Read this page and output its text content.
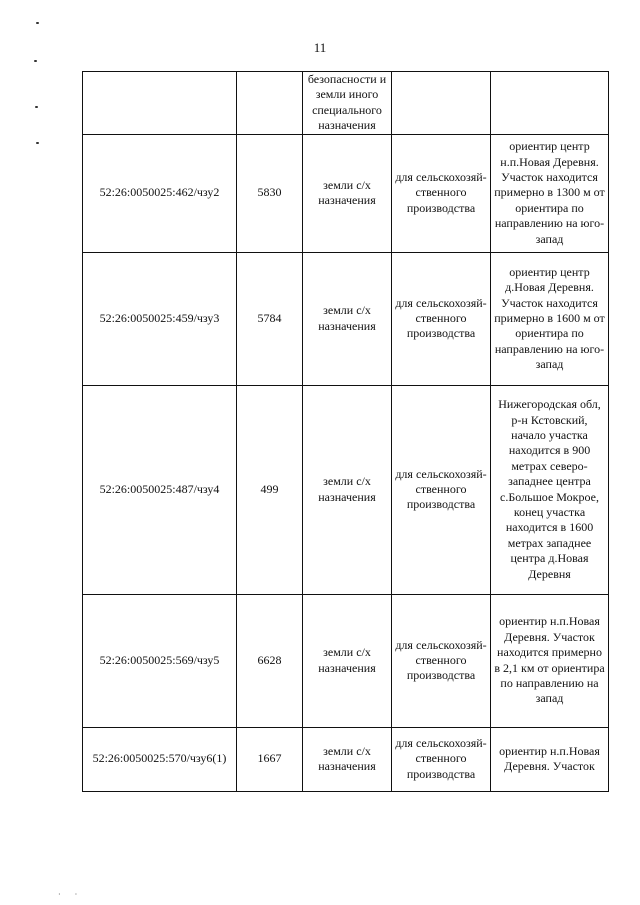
11
		безопасности и земли иного специального назначения		
52:26:0050025:462/чзу2	5830	земли с/х назначения	для сельскохозяй-ственного производства	ориентир центр н.п.Новая Деревня. Участок находится примерно в 1300 м от ориентира по направлению на юго-запад
52:26:0050025:459/чзу3	5784	земли с/х назначения	для сельскохозяй-ственного производства	ориентир центр д.Новая Деревня. Участок находится примерно в 1600 м от ориентира по направлению на юго-запад
52:26:0050025:487/чзу4	499	земли с/х назначения	для сельскохозяй-ственного производства	Нижегородская обл, р-н Кстовский, начало участка находится в 900 метрах северо-западнее центра с.Большое Мокрое, конец участка находится в 1600 метрах западнее центра д.Новая Деревня
52:26:0050025:569/чзу5	6628	земли с/х назначения	для сельскохозяй-ственного производства	ориентир н.п.Новая Деревня. Участок находится примерно в 2,1 км от ориентира по направлению на запад
52:26:0050025:570/чзу6(1)	1667	земли с/х назначения	для сельскохозяй-ственного производства	ориентир н.п.Новая Деревня. Участок
· ·
